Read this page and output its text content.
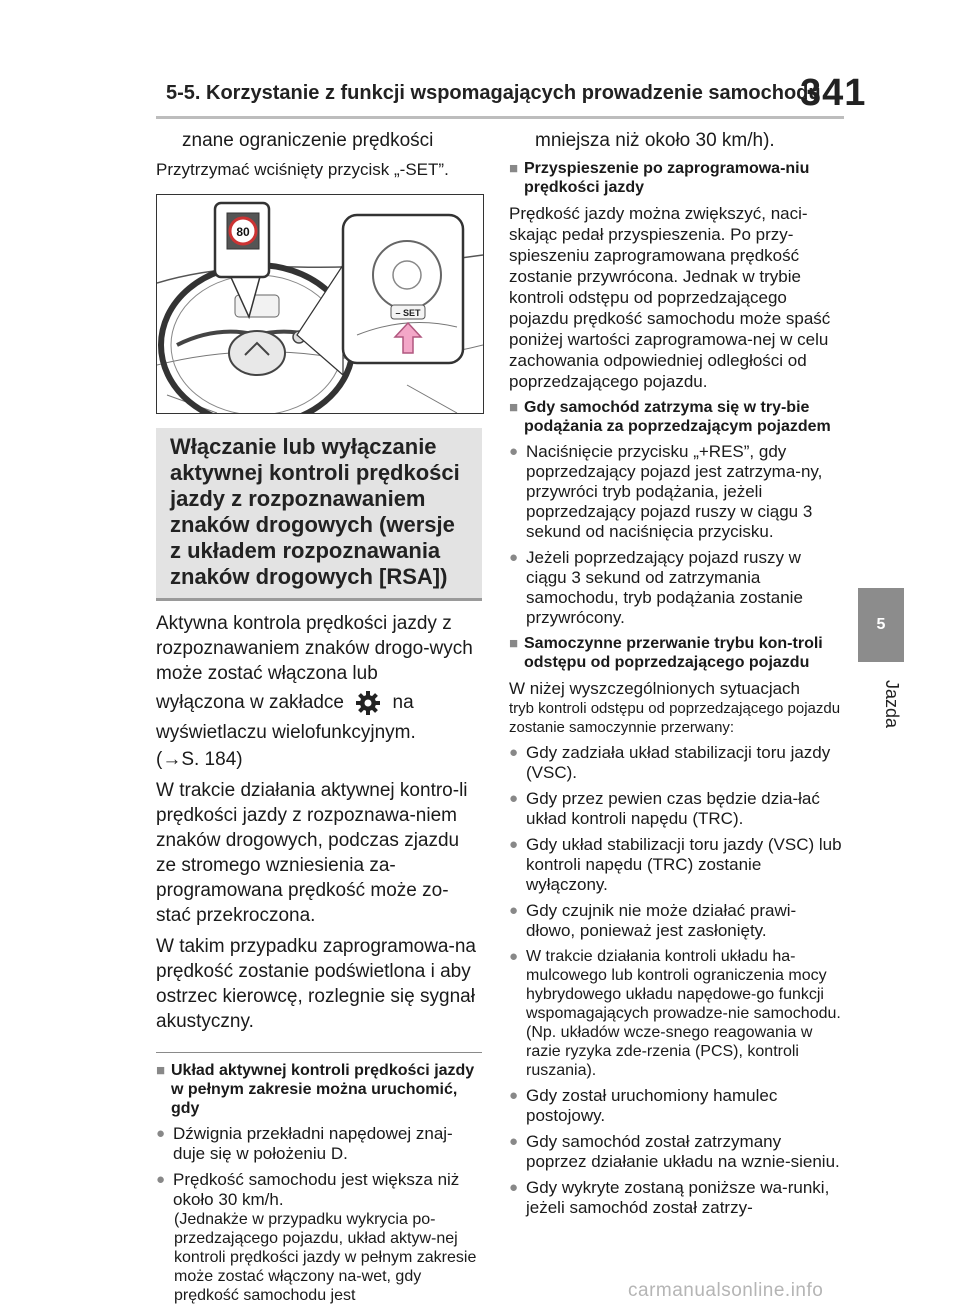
5-5. Korzystanie z funkcji wspomagających prowadzenie samochodu
341
5
Jazda

znane ograniczenie prędkości

Przytrzymać wciśnięty przycisk „-SET”.

80
– SET

Włączanie lub wyłączanie aktywnej kontroli prędkości jazdy z rozpoznawaniem znaków drogowych (wersje z układem rozpoznawania znaków drogowych [RSA])

Aktywna kontrola prędkości jazdy z rozpoznawaniem znaków drogo-wych może zostać włączona lub

wyłączona w zakładce	na

wyświetlaczu wielofunkcyjnym.

(→S. 184)

W trakcie działania aktywnej kontro-li prędkości jazdy z rozpoznawa-niem znaków drogowych, podczas zjazdu ze stromego wzniesienia za-programowana prędkość może zo-stać przekroczona.

W takim przypadku zaprogramowa-na prędkość zostanie podświetlona i aby ostrzec kierowcę, rozlegnie się sygnał akustyczny.

■ Układ aktywnej kontroli prędkości jazdy w pełnym zakresie można uruchomić, gdy
● Dźwignia przekładni napędowej znaj-duje się w położeniu D.
● Prędkość samochodu jest większa niż około 30 km/h.
(Jednakże w przypadku wykrycia po-przedzającego pojazdu, układ aktyw-nej kontroli prędkości jazdy w pełnym zakresie może zostać włączony na-wet, gdy prędkość samochodu jest

mniejsza niż około 30 km/h).

■ Przyspieszenie po zaprogramowa-niu prędkości jazdy

Prędkość jazdy można zwiększyć, naci-skając pedał przyspieszenia. Po przy-spieszeniu zaprogramowana prędkość zostanie przywrócona. Jednak w trybie kontroli odstępu od poprzedzającego pojazdu prędkość samochodu może spaść poniżej wartości zaprogramowa-nej w celu zachowania odpowiedniej odległości od poprzedzającego pojazdu.

■ Gdy samochód zatrzyma się w try-bie podążania za poprzedzającym pojazdem
● Naciśnięcie przycisku „+RES”, gdy poprzedzający pojazd jest zatrzyma-ny, przywróci tryb podążania, jeżeli poprzedzający pojazd ruszy w ciągu 3 sekund od naciśnięcia przycisku.
● Jeżeli poprzedzający pojazd ruszy w ciągu 3 sekund od zatrzymania samochodu, tryb podążania zostanie przywrócony.
■ Samoczynne przerwanie trybu kon-troli odstępu od poprzedzającego pojazdu

W niżej wyszczególnionych sytuacjach

tryb kontroli odstępu od poprzedzającego pojazdu zostanie samoczynnie przerwany:

● Gdy zadziała układ stabilizacji toru jazdy (VSC).
● Gdy przez pewien czas będzie dzia-łać układ kontroli napędu (TRC).
● Gdy układ stabilizacji toru jazdy (VSC) lub kontroli napędu (TRC) zostanie wyłączony.
● Gdy czujnik nie może działać prawi-dłowo, ponieważ jest zasłonięty.
● W trakcie działania kontroli układu ha-mulcowego lub kontroli ograniczenia mocy hybrydowego układu napędowe-go funkcji wspomagających prowadze-nie samochodu. (Np. układów wcze-snego reagowania w razie ryzyka zde-rzenia (PCS), kontroli ruszania).
● Gdy został uruchomiony hamulec postojowy.
● Gdy samochód został zatrzymany poprzez działanie układu na wznie-sieniu.
● Gdy wykryte zostaną poniższe wa-runki, jeżeli samochód został zatrzy-
carmanualsonline.info
